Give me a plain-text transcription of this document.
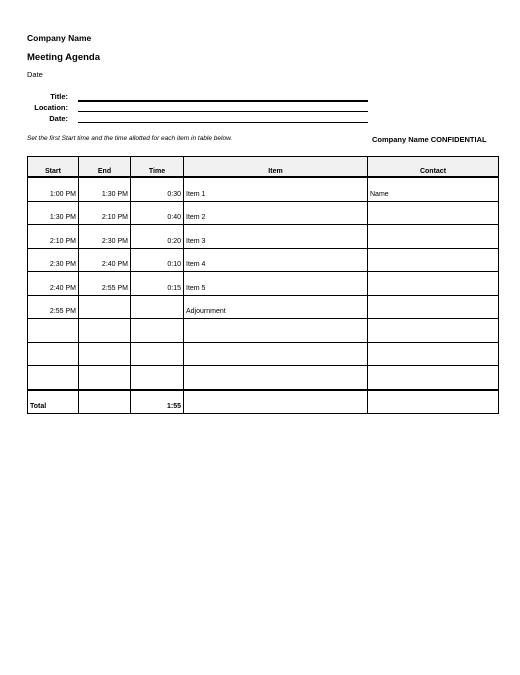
Company Name
Meeting Agenda
Date
Title:
Location:
Date:
Set the first Start time and the time allotted for each item in table below.	Company Name CONFIDENTIAL
Start	End	Time	Item	Contact
1:00 PM	1:30 PM	0:30	Item 1	Name
1:30 PM	2:10 PM	0:40	Item 2	
2:10 PM	2:30 PM	0:20	Item 3	
2:30 PM	2:40 PM	0:10	Item 4	
2:40 PM	2:55 PM	0:15	Item 5	
2:55 PM			Adjournment	

Total		1:55		
